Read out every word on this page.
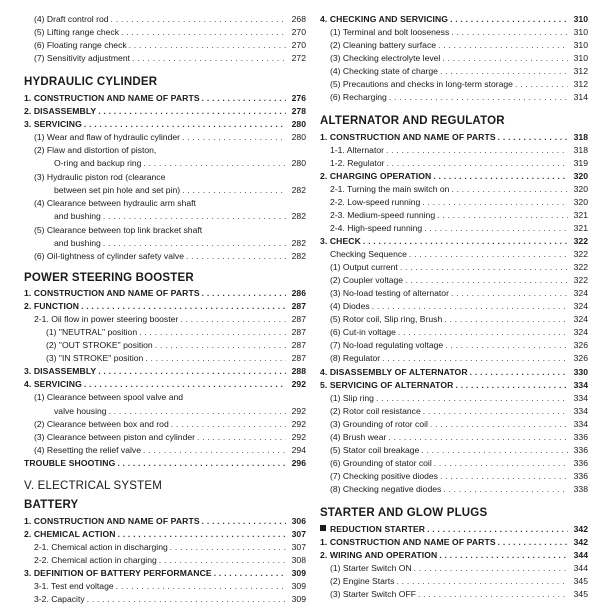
(4) Draft control rod . . .	268
(5) Lifting range check . . .	270
(6) Floating range check . . .	270
(7) Sensitivity adjustment . . .	272
HYDRAULIC CYLINDER
1. CONSTRUCTION AND NAME OF PARTS . . .	276
2. DISASSEMBLY . . .	278
3. SERVICING . . .	280
(1) Wear and flaw of hydraulic cylinder . . .	280
(2) Flaw and distortion of piston,
O-ring and backup ring . . .	280
(3) Hydraulic piston rod (clearance
between set pin hole and set pin) . . .	282
(4) Clearance between hydraulic arm shaft
and bushing . . .	282
(5) Clearance between top link bracket shaft
and bushing . . .	282
(6) Oil-tightness of cylinder safety valve . . .	282
POWER STEERING BOOSTER
1. CONSTRUCTION AND NAME OF PARTS . . .	286
2. FUNCTION . . .	287
2-1. Oil flow in power steering booster . . .	287
(1) "NEUTRAL" position . . .	287
(2) "OUT STROKE" position . . .	287
(3) "IN STROKE" position . . .	287
3. DISASSEMBLY . . .	288
4. SERVICING . . .	292
(1) Clearance between spool valve and
valve housing . . .	292
(2) Clearance between box and rod . . .	292
(3) Clearance between piston and cylinder . . .	292
(4) Resetting the relief valve . . .	294
TROUBLE SHOOTING . . .	296
V. ELECTRICAL SYSTEM
BATTERY
1. CONSTRUCTION AND NAME OF PARTS . . .	306
2. CHEMICAL ACTION . . .	307
2-1. Chemical action in discharging . . .	307
2-2. Chemical action in charging . . .	308
3. DEFINITION OF BATTERY PERFORMANCE . . .	309
3-1. Test end voltage . . .	309
3-2. Capacity . . .	309
4. CHECKING AND SERVICING . . .	310
(1) Terminal and bolt looseness . . .	310
(2) Cleaning battery surface . . .	310
(3) Checking electrolyte level . . .	310
(4) Checking state of charge . . .	312
(5) Precautions and checks in long-term storage . . .	312
(6) Recharging . . .	314
ALTERNATOR AND REGULATOR
1. CONSTRUCTION AND NAME OF PARTS . . .	318
1-1. Alternator . . .	318
1-2. Regulator . . .	319
2. CHARGING OPERATION . . .	320
2-1. Turning the main switch on . . .	320
2-2. Low-speed running . . .	320
2-3. Medium-speed running . . .	321
2-4. High-speed running . . .	321
3. CHECK . . .	322
Checking Sequence . . .	322
(1) Output current . . .	322
(2) Coupler voltage . . .	322
(3) No-load testing of alternator . . .	324
(4) Diodes . . .	324
(5) Rotor coil, Slip ring, Brush . . .	324
(6) Cut-in voltage . . .	324
(7) No-load regulating voltage . . .	326
(8) Regulator . . .	326
4. DISASSEMBLY OF ALTERNATOR . . .	330
5. SERVICING OF ALTERNATOR . . .	334
(1) Slip ring . . .	334
(2) Rotor coil resistance . . .	334
(3) Grounding of rotor coil . . .	334
(4) Brush wear . . .	336
(5) Stator coil breakage . . .	336
(6) Grounding of stator coil . . .	336
(7) Checking positive diodes . . .	336
(8) Checking negative diodes . . .	338
STARTER AND GLOW PLUGS
REDUCTION STARTER . . .	342
1. CONSTRUCTION AND NAME OF PARTS . . .	342
2. WIRING AND OPERATION . . .	344
(1) Starter Switch ON . . .	344
(2) Engine Starts . . .	345
(3) Starter Switch OFF . . .	345
